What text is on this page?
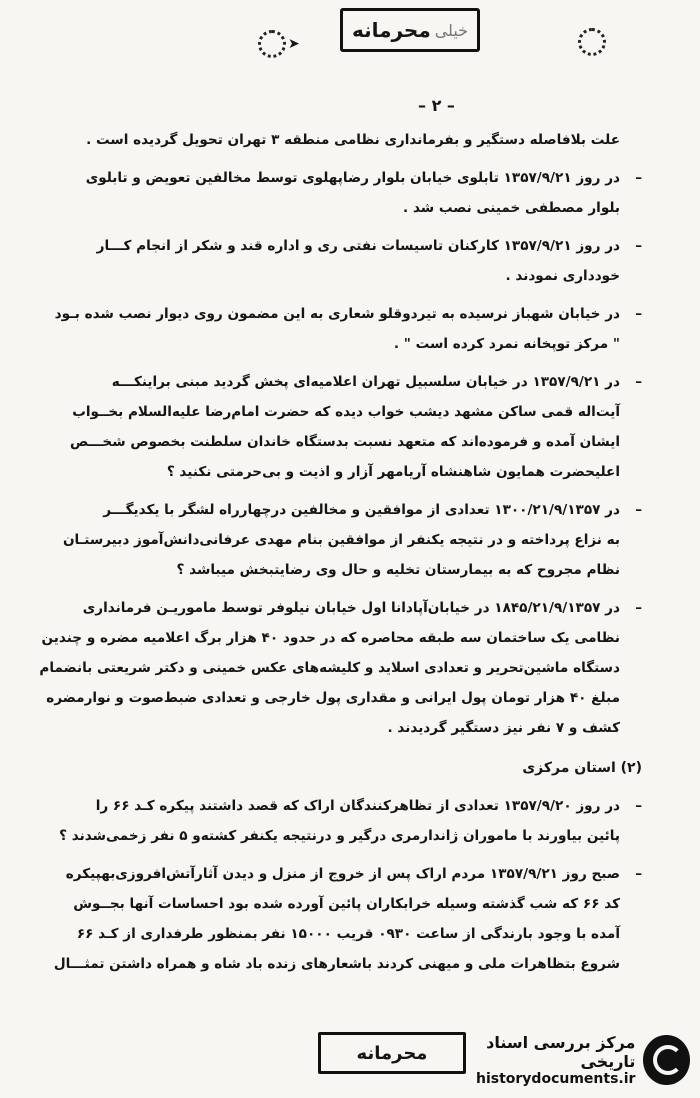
خیلی
محرمانه
➤
– ۲ –
علت بلافاصله دستگیر و بفرمانداری نظامی منطقه ۳ تهران تحویل گردیده است .
– در روز ۱۳۵۷/۹/۲۱ تابلوی خیابان بلوار رضاپهلوی توسط مخالفین تعویض و تابلوی
بلوار مصطفی خمینی نصب شد .
– در روز ۱۳۵۷/۹/۲۱ کارکنان تاسیسات نفتی ری و اداره قند و شکر از انجام کـــار
خودداری نمودند .
– در خیابان شهباز نرسیده به تیردوقلو شعاری به این مضمون روی دیوار نصب شده بـود
" مرکز توپخانه نمرد کرده است " .
– در ۱۳۵۷/۹/۲۱ در خیابان سلسبیل تهران اعلامیه‌ای پخش گردید مبنی براینکـــه
آیت‌اله قمی ساکن مشهد دیشب خواب دیده که حضرت امام‌رضا علیه‌السلام بخــواب
ایشان آمده و فرموده‌اند که متعهد نسبت بدستگاه خاندان سلطنت بخصوص شخـــص
اعلیحضرت همایون شاهنشاه آریامهر آزار و اذیت و بی‌حرمتی نکنید ؟
– در ۱۳۰۰/۲۱/۹/۱۳۵۷ تعدادی از موافقین و مخالفین درچهارراه لشگر با یکدیگـــر
به نزاع پرداخته و در نتیجه یکنفر از موافقین بنام مهدی عرفانی‌دانش‌آموز دبیرستـان
نظام مجروح که به بیمارستان تخلیه و حال وی رضایتبخش میباشد ؟
– در ۱۸۴۵/۲۱/۹/۱۳۵۷ در خیابان‌آپادانا اول خیابان نیلوفر توسط ماموریـن فرمانداری
نظامی یک ساختمان سه طبقه محاصره که در حدود ۴۰ هزار برگ اعلامیه مضره و چندین
دستگاه ماشین‌تحریر و تعدادی اسلاید و کلیشه‌های عکس خمینی و دکتر شریعتی بانضمام
مبلغ ۴۰ هزار تومان پول ایرانی و مقداری پول خارجی و تعدادی ضبط‌صوت و نوارمضره
کشف و ۷ نفر نیز دستگیر گردیدند .
(۲) استان مرکزی
– در روز ۱۳۵۷/۹/۲۰ تعدادی از تظاهرکنندگان اراک که قصد داشتند پیکره کـد ۶۶ را
پائین بیاورند با ماموران ژاندارمری درگیر و درنتیجه یکنفر کشته‌و ۵ نفر زخمی‌شدند ؟
– صبح روز ۱۳۵۷/۹/۲۱ مردم اراک پس از خروج از منزل و دیدن آثارآتش‌افروزی‌بهپیکره
کد ۶۶ که شب گذشته وسیله خرابکاران پائین آورده شده بود احساسات آنها بجــوش
آمده با وجود بارندگی از ساعت ۰۹۳۰ قریب ۱۵۰۰۰ نفر بمنظور طرفداری از کـد ۶۶
شروع بتظاهرات ملی و میهنی کردند باشعارهای زنده باد شاه و همراه داشتن تمثـــال
محرمانه	مرکز بررسی اسناد تاریخی
historydocuments.ir
